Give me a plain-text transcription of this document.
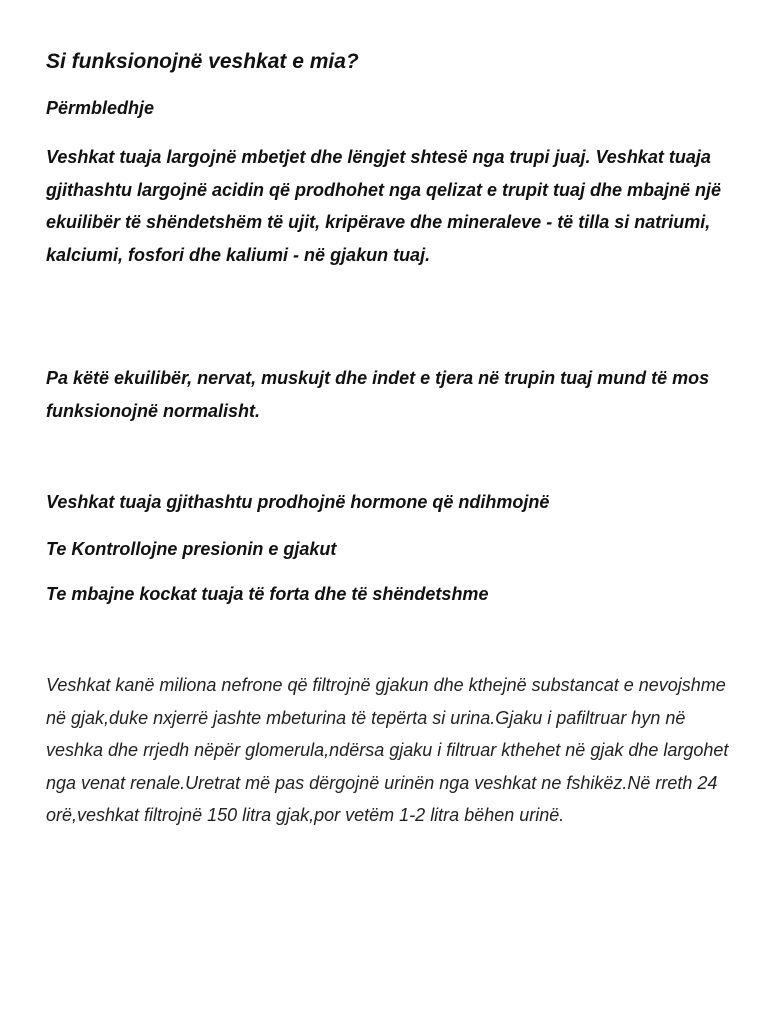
Si funksionojnë veshkat e mia?
Përmbledhje

Veshkat tuaja largojnë mbetjet dhe lëngjet shtesë nga trupi juaj. Veshkat tuaja gjithashtu largojnë acidin që prodhohet nga qelizat e trupit tuaj dhe mbajnë një ekuilibër të shëndetshëm të ujit, kripërave dhe mineraleve - të tilla si natriumi, kalciumi, fosfori dhe kaliumi - në gjakun tuaj.

Pa këtë ekuilibër, nervat, muskujt dhe indet e tjera në trupin tuaj mund të mos funksionojnë normalisht.

Veshkat tuaja gjithashtu prodhojnë hormone që ndihmojnë

Te Kontrollojne presionin e gjakut

Te mbajne kockat tuaja të forta dhe të shëndetshme

Veshkat kanë miliona nefrone që filtrojnë gjakun dhe kthejnë substancat e nevojshme në gjak,duke nxjerrë jashte mbeturina të tepërta si urina.Gjaku i pafiltruar hyn në veshka dhe rrjedh nëpër glomerula,ndërsa gjaku i filtruar kthehet në gjak dhe largohet nga venat renale.Uretrat më pas dërgojnë urinën nga veshkat ne fshikëz.Në rreth 24 orë,veshkat filtrojnë 150 litra gjak,por vetëm 1-2 litra bëhen urinë.
